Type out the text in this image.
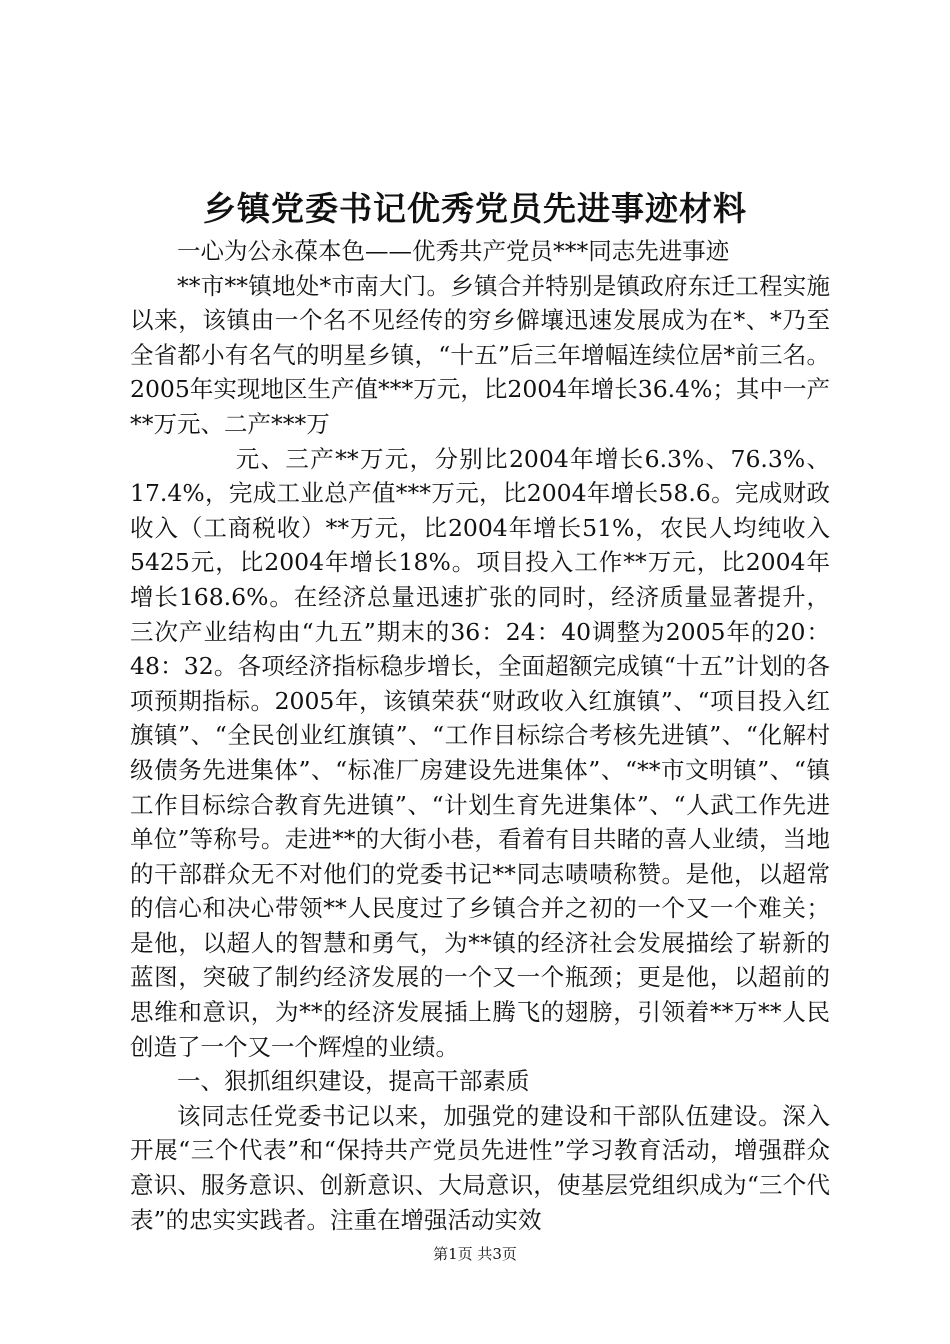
乡镇党委书记优秀党员先进事迹材料

一心为公永葆本色——优秀共产党员***同志先进事迹

**市**镇地处*市南大门。乡镇合并特别是镇政府东迁工程实施以来，该镇由一个名不见经传的穷乡僻壤迅速发展成为在*、*乃至全省都小有名气的明星乡镇，“十五”后三年增幅连续位居*前三名。2005年实现地区生产值***万元，比2004年增长36.4%；其中一产**万元、二产***万

元、三产**万元，分别比2004年增长6.3%、76.3%、17.4%，完成工业总产值***万元，比2004年增长58.6。完成财政收入（工商税收）**万元，比2004年增长51%，农民人均纯收入5425元，比2004年增长18%。项目投入工作**万元，比2004年增长168.6%。在经济总量迅速扩张的同时，经济质量显著提升，三次产业结构由“九五”期末的36：24：40调整为2005年的20：48：32。各项经济指标稳步增长，全面超额完成镇“十五”计划的各项预期指标。2005年，该镇荣获“财政收入红旗镇”、“项目投入红旗镇”、“全民创业红旗镇”、“工作目标综合考核先进镇”、“化解村级债务先进集体”、“标准厂房建设先进集体”、“**市文明镇”、“镇工作目标综合教育先进镇”、“计划生育先进集体”、“人武工作先进单位”等称号。走进**的大街小巷，看着有目共睹的喜人业绩，当地的干部群众无不对他们的党委书记**同志啧啧称赞。是他，以超常的信心和决心带领**人民度过了乡镇合并之初的一个又一个难关；是他，以超人的智慧和勇气，为**镇的经济社会发展描绘了崭新的蓝图，突破了制约经济发展的一个又一个瓶颈；更是他，以超前的思维和意识，为**的经济发展插上腾飞的翅膀，引领着**万**人民创造了一个又一个辉煌的业绩。

一、狠抓组织建设，提高干部素质

该同志任党委书记以来，加强党的建设和干部队伍建设。深入开展“三个代表”和“保持共产党员先进性”学习教育活动，增强群众意识、服务意识、创新意识、大局意识，使基层党组织成为“三个代表”的忠实实践者。注重在增强活动实效

第1页 共3页
